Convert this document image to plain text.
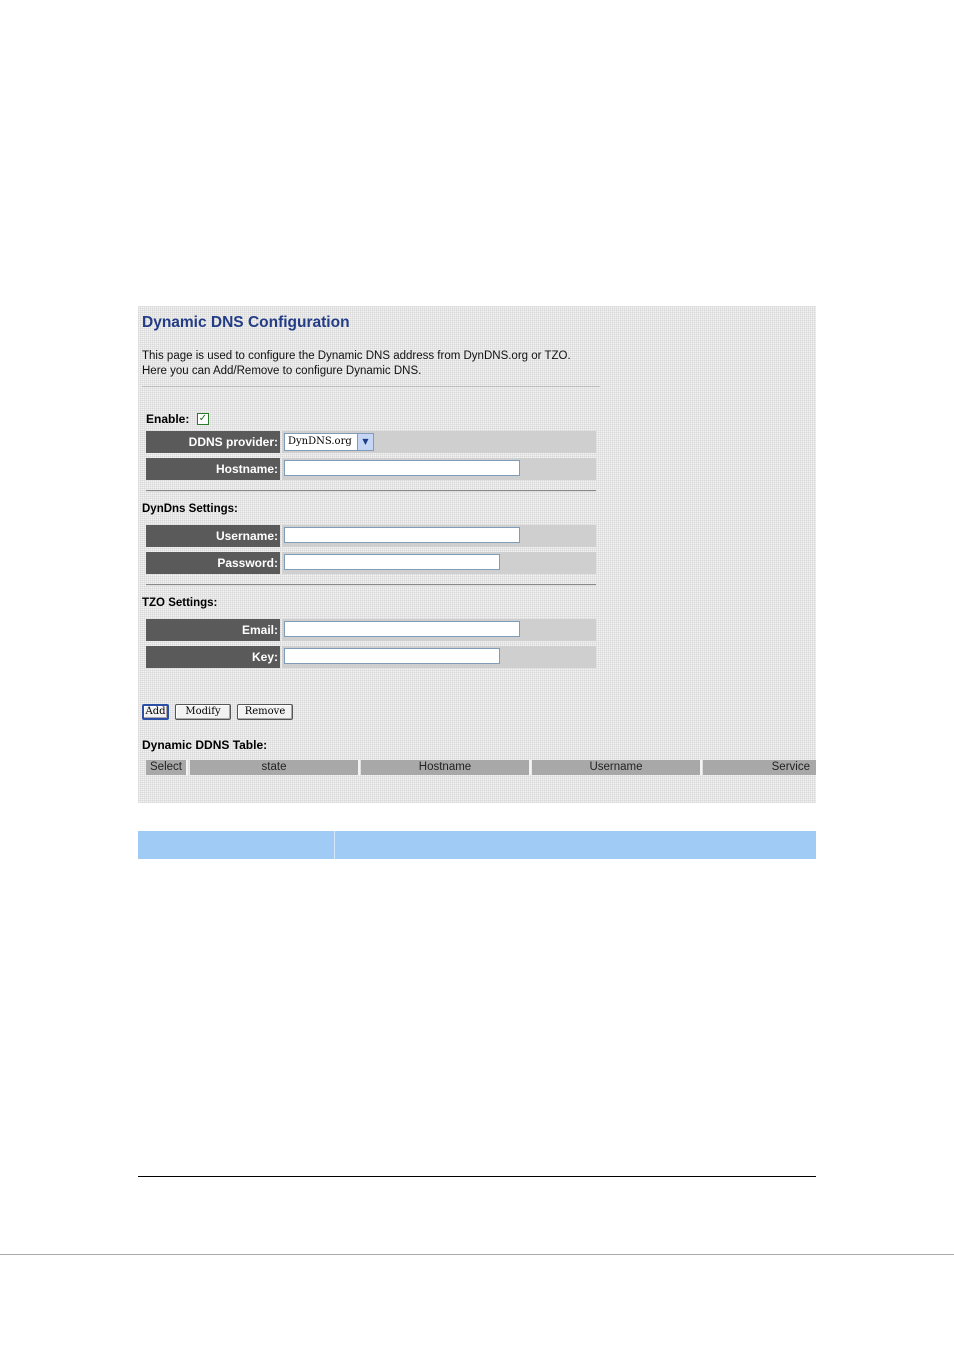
Dynamic DNS Configuration
This page is used to configure the Dynamic DNS address from DynDNS.org or TZO.
Here you can Add/Remove to configure Dynamic DNS.
Enable: ✓
DDNS provider:	DynDNS.org	▼
Hostname:
DynDns Settings:
Username:
Password:
TZO Settings:
Email:
Key:
Add	Modify	Remove
Dynamic DDNS Table:
Select	state	Hostname	Username	Service
